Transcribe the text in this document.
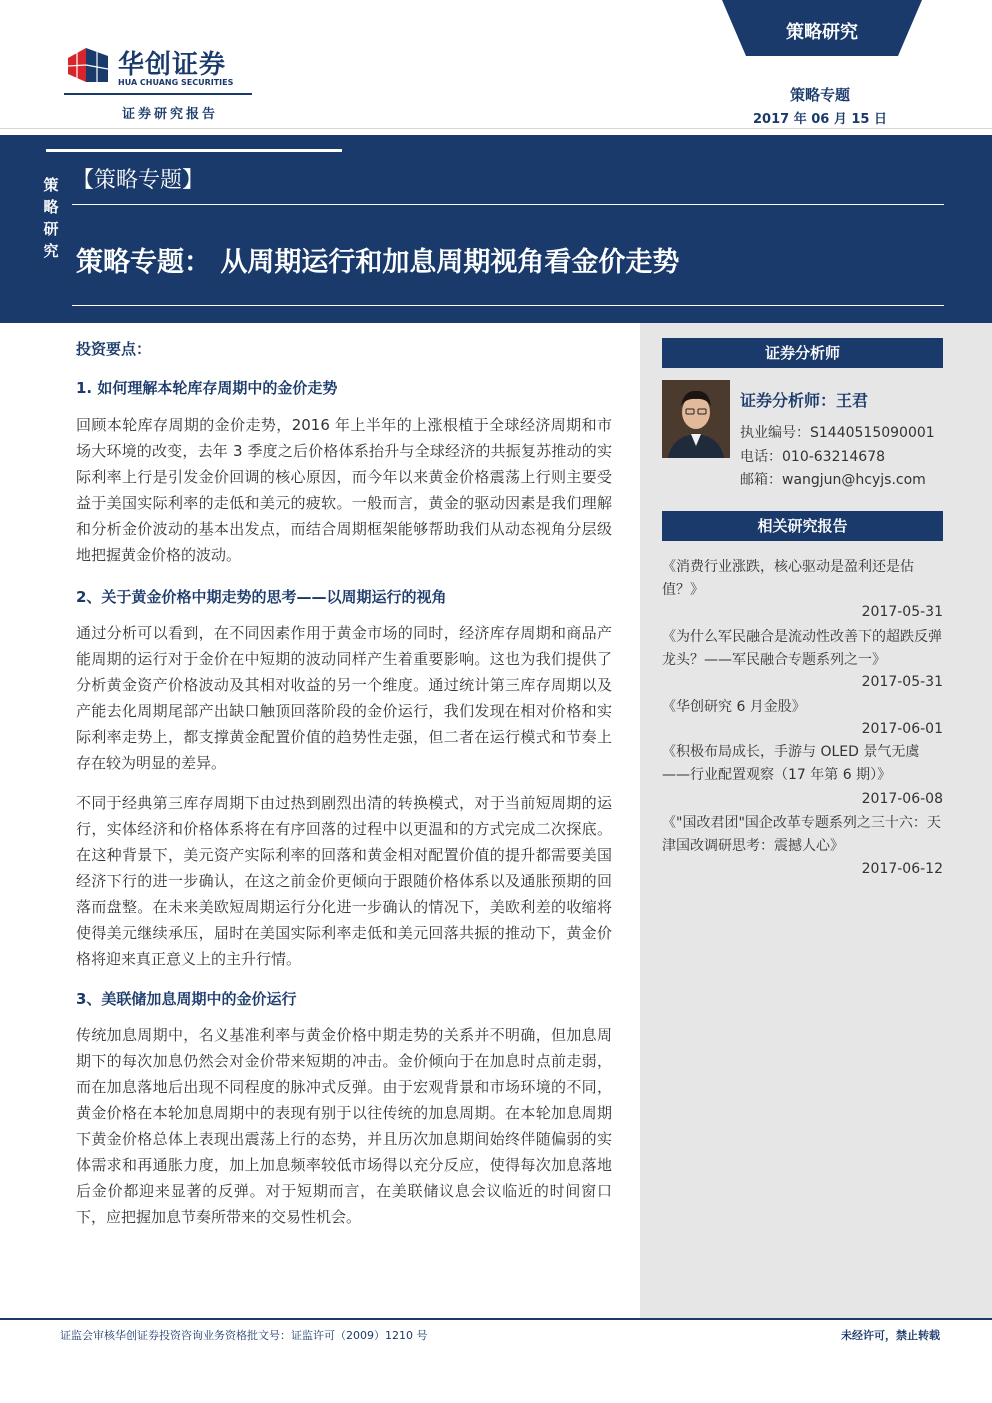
华创证券
HUA CHUANG SECURITIES
证券研究报告
策略研究
策略专题
2017 年 06 月 15 日
策略研究
【策略专题】
策略专题： 从周期运行和加息周期视角看金价走势
投资要点：
1. 如何理解本轮库存周期中的金价走势
回顾本轮库存周期的金价走势，2016 年上半年的上涨根植于全球经济周期和市场大环境的改变，去年 3 季度之后价格体系抬升与全球经济的共振复苏推动的实际利率上行是引发金价回调的核心原因，而今年以来黄金价格震荡上行则主要受益于美国实际利率的走低和美元的疲软。一般而言，黄金的驱动因素是我们理解和分析金价波动的基本出发点，而结合周期框架能够帮助我们从动态视角分层级地把握黄金价格的波动。
2、关于黄金价格中期走势的思考——以周期运行的视角
通过分析可以看到，在不同因素作用于黄金市场的同时，经济库存周期和商品产能周期的运行对于金价在中短期的波动同样产生着重要影响。这也为我们提供了分析黄金资产价格波动及其相对收益的另一个维度。通过统计第三库存周期以及产能去化周期尾部产出缺口触顶回落阶段的金价运行，我们发现在相对价格和实际利率走势上，都支撑黄金配置价值的趋势性走强，但二者在运行模式和节奏上存在较为明显的差异。
不同于经典第三库存周期下由过热到剧烈出清的转换模式，对于当前短周期的运行，实体经济和价格体系将在有序回落的过程中以更温和的方式完成二次探底。在这种背景下，美元资产实际利率的回落和黄金相对配置价值的提升都需要美国经济下行的进一步确认，在这之前金价更倾向于跟随价格体系以及通胀预期的回落而盘整。在未来美欧短周期运行分化进一步确认的情况下，美欧利差的收缩将使得美元继续承压，届时在美国实际利率走低和美元回落共振的推动下，黄金价格将迎来真正意义上的主升行情。
3、美联储加息周期中的金价运行
传统加息周期中，名义基准利率与黄金价格中期走势的关系并不明确，但加息周期下的每次加息仍然会对金价带来短期的冲击。金价倾向于在加息时点前走弱，而在加息落地后出现不同程度的脉冲式反弹。由于宏观背景和市场环境的不同，黄金价格在本轮加息周期中的表现有别于以往传统的加息周期。在本轮加息周期下黄金价格总体上表现出震荡上行的态势，并且历次加息期间始终伴随偏弱的实体需求和再通胀力度，加上加息频率较低市场得以充分反应，使得每次加息落地后金价都迎来显著的反弹。对于短期而言，在美联储议息会议临近的时间窗口下，应把握加息节奏所带来的交易性机会。
证券分析师
证券分析师：王君
执业编号：S1440515090001
电话：010-63214678
邮箱：wangjun@hcyjs.com
相关研究报告
《消费行业涨跌，核心驱动是盈利还是估值？》
2017-05-31
《为什么军民融合是流动性改善下的超跌反弹龙头？——军民融合专题系列之一》
2017-05-31
《华创研究 6 月金股》
2017-06-01
《积极布局成长，手游与 OLED 景气无虞——行业配置观察（17 年第 6 期）》
2017-06-08
《"国改君团"国企改革专题系列之三十六：天津国改调研思考：震撼人心》
2017-06-12
证监会审核华创证券投资咨询业务资格批文号：证监许可（2009）1210 号	未经许可，禁止转载
